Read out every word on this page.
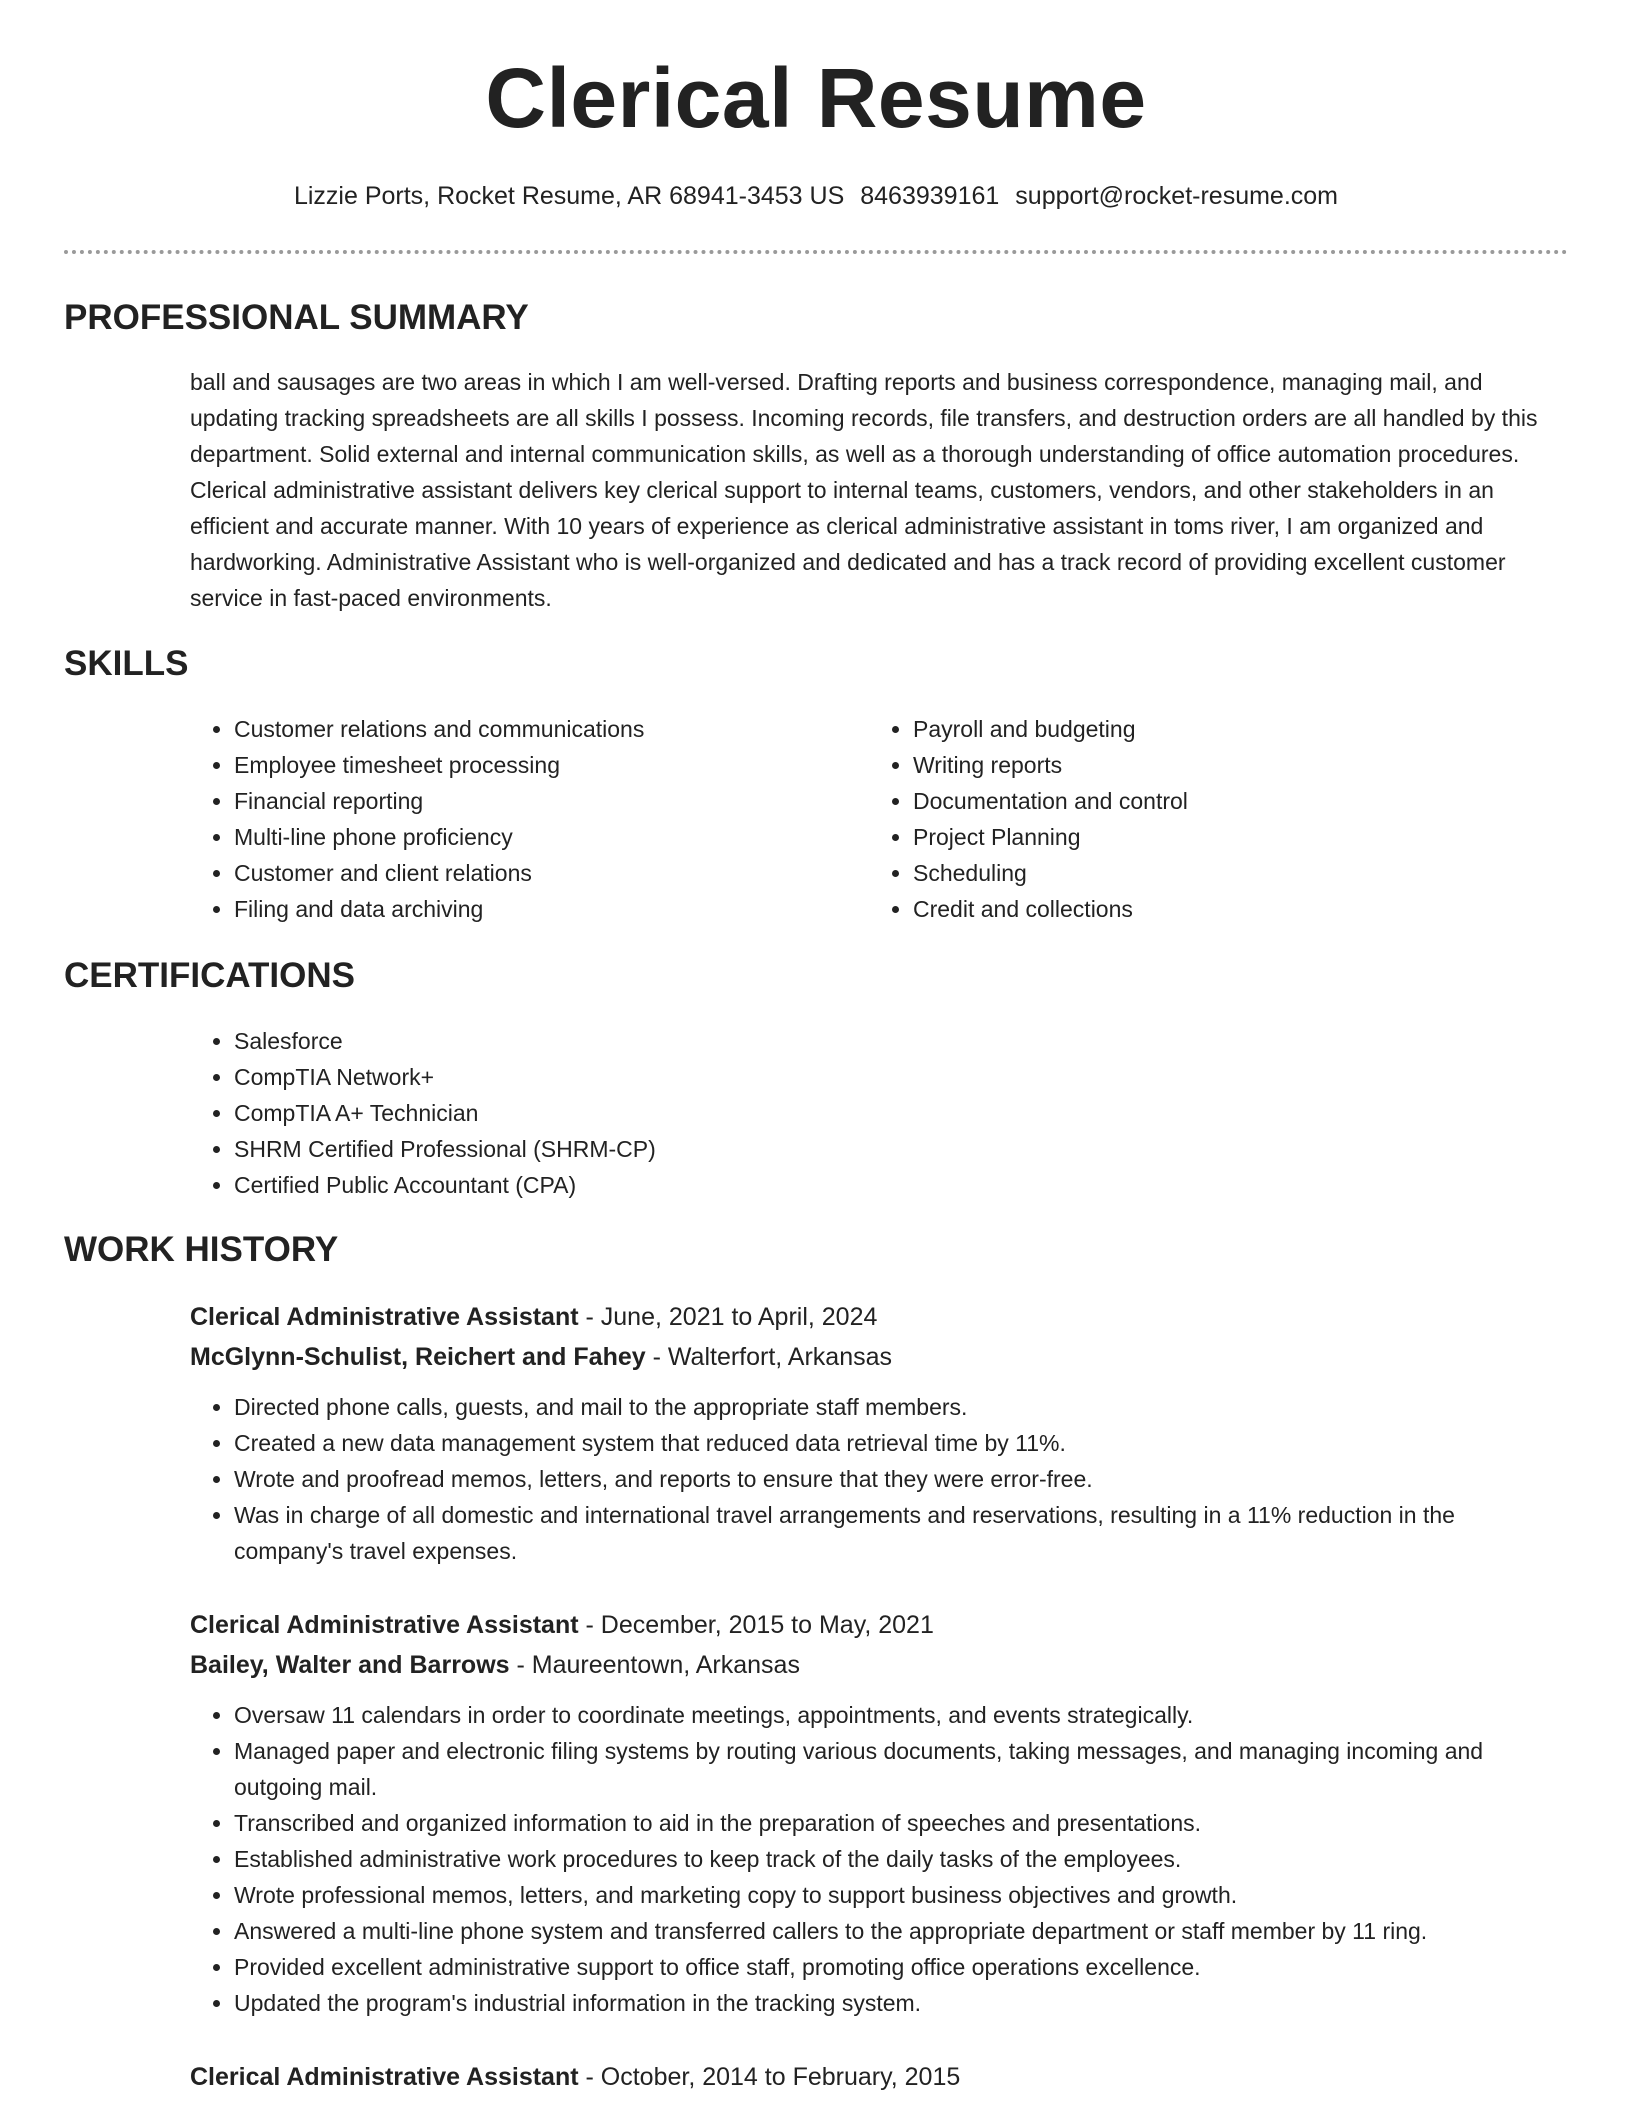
Clerical Resume
Lizzie Ports, Rocket Resume, AR 68941-3453 US 8463939161 support@rocket-resume.com
PROFESSIONAL SUMMARY

ball and sausages are two areas in which I am well-versed. Drafting reports and business correspondence, managing mail, and updating tracking spreadsheets are all skills I possess. Incoming records, file transfers, and destruction orders are all handled by this department. Solid external and internal communication skills, as well as a thorough understanding of office automation procedures. Clerical administrative assistant delivers key clerical support to internal teams, customers, vendors, and other stakeholders in an efficient and accurate manner. With 10 years of experience as clerical administrative assistant in toms river, I am organized and hardworking. Administrative Assistant who is well-organized and dedicated and has a track record of providing excellent customer service in fast-paced environments.

SKILLS
• Customer relations and communications
• Employee timesheet processing
• Financial reporting
• Multi-line phone proficiency
• Customer and client relations
• Filing and data archiving
• Payroll and budgeting
• Writing reports
• Documentation and control
• Project Planning
• Scheduling
• Credit and collections
CERTIFICATIONS
• Salesforce
• CompTIA Network+
• CompTIA A+ Technician
• SHRM Certified Professional (SHRM-CP)
• Certified Public Accountant (CPA)
WORK HISTORY
Clerical Administrative Assistant - June, 2021 to April, 2024
McGlynn-Schulist, Reichert and Fahey - Walterfort, Arkansas
• Directed phone calls, guests, and mail to the appropriate staff members.
• Created a new data management system that reduced data retrieval time by 11%.
• Wrote and proofread memos, letters, and reports to ensure that they were error-free.
• Was in charge of all domestic and international travel arrangements and reservations, resulting in a 11% reduction in the company's travel expenses.
Clerical Administrative Assistant - December, 2015 to May, 2021
Bailey, Walter and Barrows - Maureentown, Arkansas
• Oversaw 11 calendars in order to coordinate meetings, appointments, and events strategically.
• Managed paper and electronic filing systems by routing various documents, taking messages, and managing incoming and outgoing mail.
• Transcribed and organized information to aid in the preparation of speeches and presentations.
• Established administrative work procedures to keep track of the daily tasks of the employees.
• Wrote professional memos, letters, and marketing copy to support business objectives and growth.
• Answered a multi-line phone system and transferred callers to the appropriate department or staff member by 11 ring.
• Provided excellent administrative support to office staff, promoting office operations excellence.
• Updated the program's industrial information in the tracking system.
Clerical Administrative Assistant - October, 2014 to February, 2015
